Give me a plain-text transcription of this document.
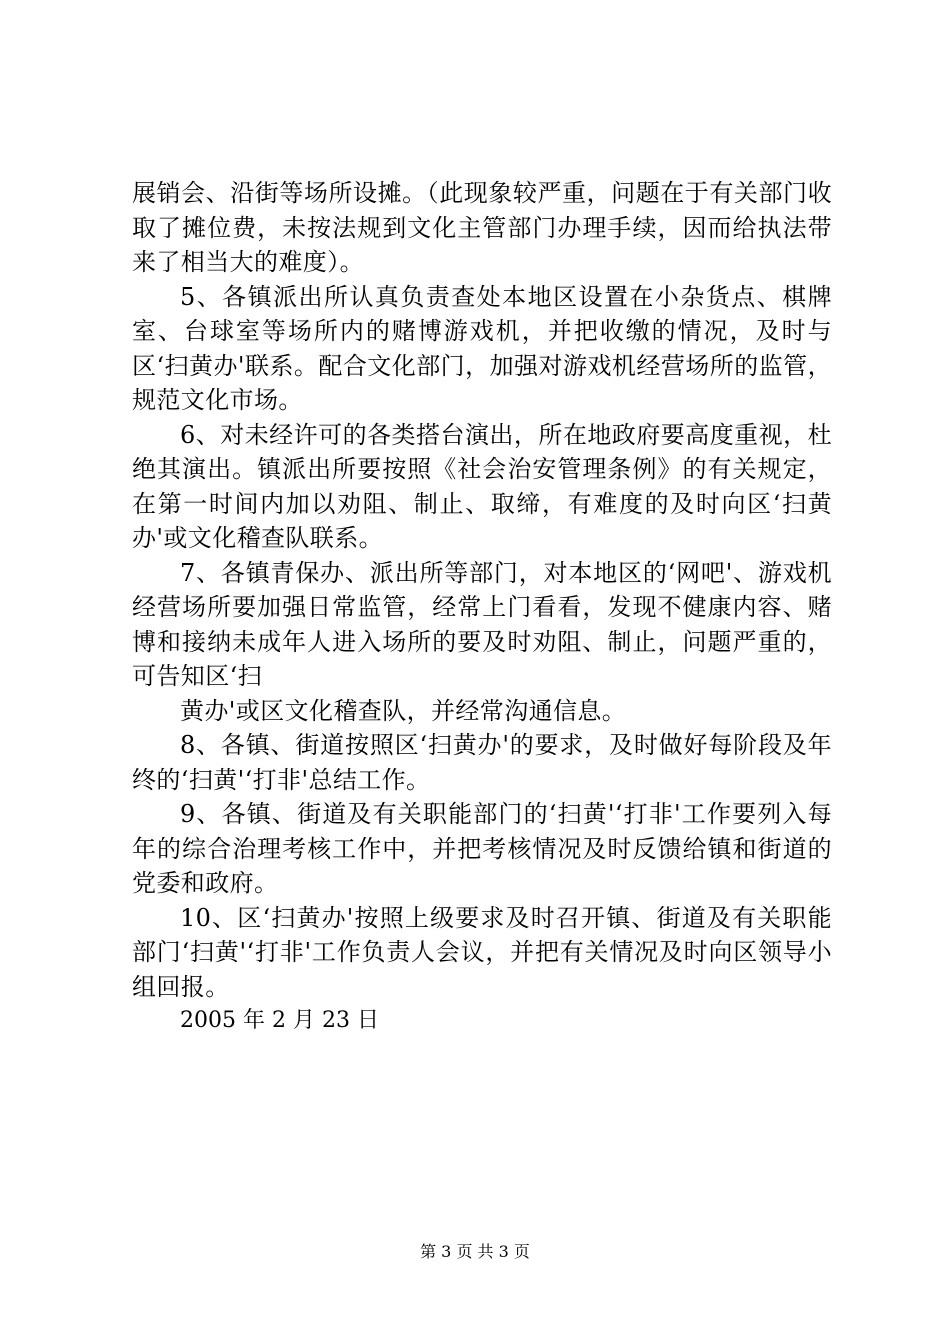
展销会、沿街等场所设摊。（此现象较严重，问题在于有关部门收取了摊位费，未按法规到文化主管部门办理手续，因而给执法带来了相当大的难度）。

5、各镇派出所认真负责查处本地区设置在小杂货点、棋牌室、台球室等场所内的赌博游戏机，并把收缴的情况，及时与区‘扫黄办'联系。配合文化部门，加强对游戏机经营场所的监管，规范文化市场。

6、对未经许可的各类搭台演出，所在地政府要高度重视，杜绝其演出。镇派出所要按照《社会治安管理条例》的有关规定，在第一时间内加以劝阻、制止、取缔，有难度的及时向区‘扫黄办'或文化稽查队联系。

7、各镇青保办、派出所等部门，对本地区的‘网吧'、游戏机经营场所要加强日常监管，经常上门看看，发现不健康内容、赌博和接纳未成年人进入场所的要及时劝阻、制止，问题严重的，可告知区‘扫

黄办'或区文化稽查队，并经常沟通信息。

8、各镇、街道按照区‘扫黄办'的要求，及时做好每阶段及年终的‘扫黄'‘打非'总结工作。

9、各镇、街道及有关职能部门的‘扫黄'‘打非'工作要列入每年的综合治理考核工作中，并把考核情况及时反馈给镇和街道的党委和政府。

10、区‘扫黄办'按照上级要求及时召开镇、街道及有关职能部门‘扫黄'‘打非'工作负责人会议，并把有关情况及时向区领导小组回报。

2005 年 2 月 23 日

第 3 页 共 3 页
